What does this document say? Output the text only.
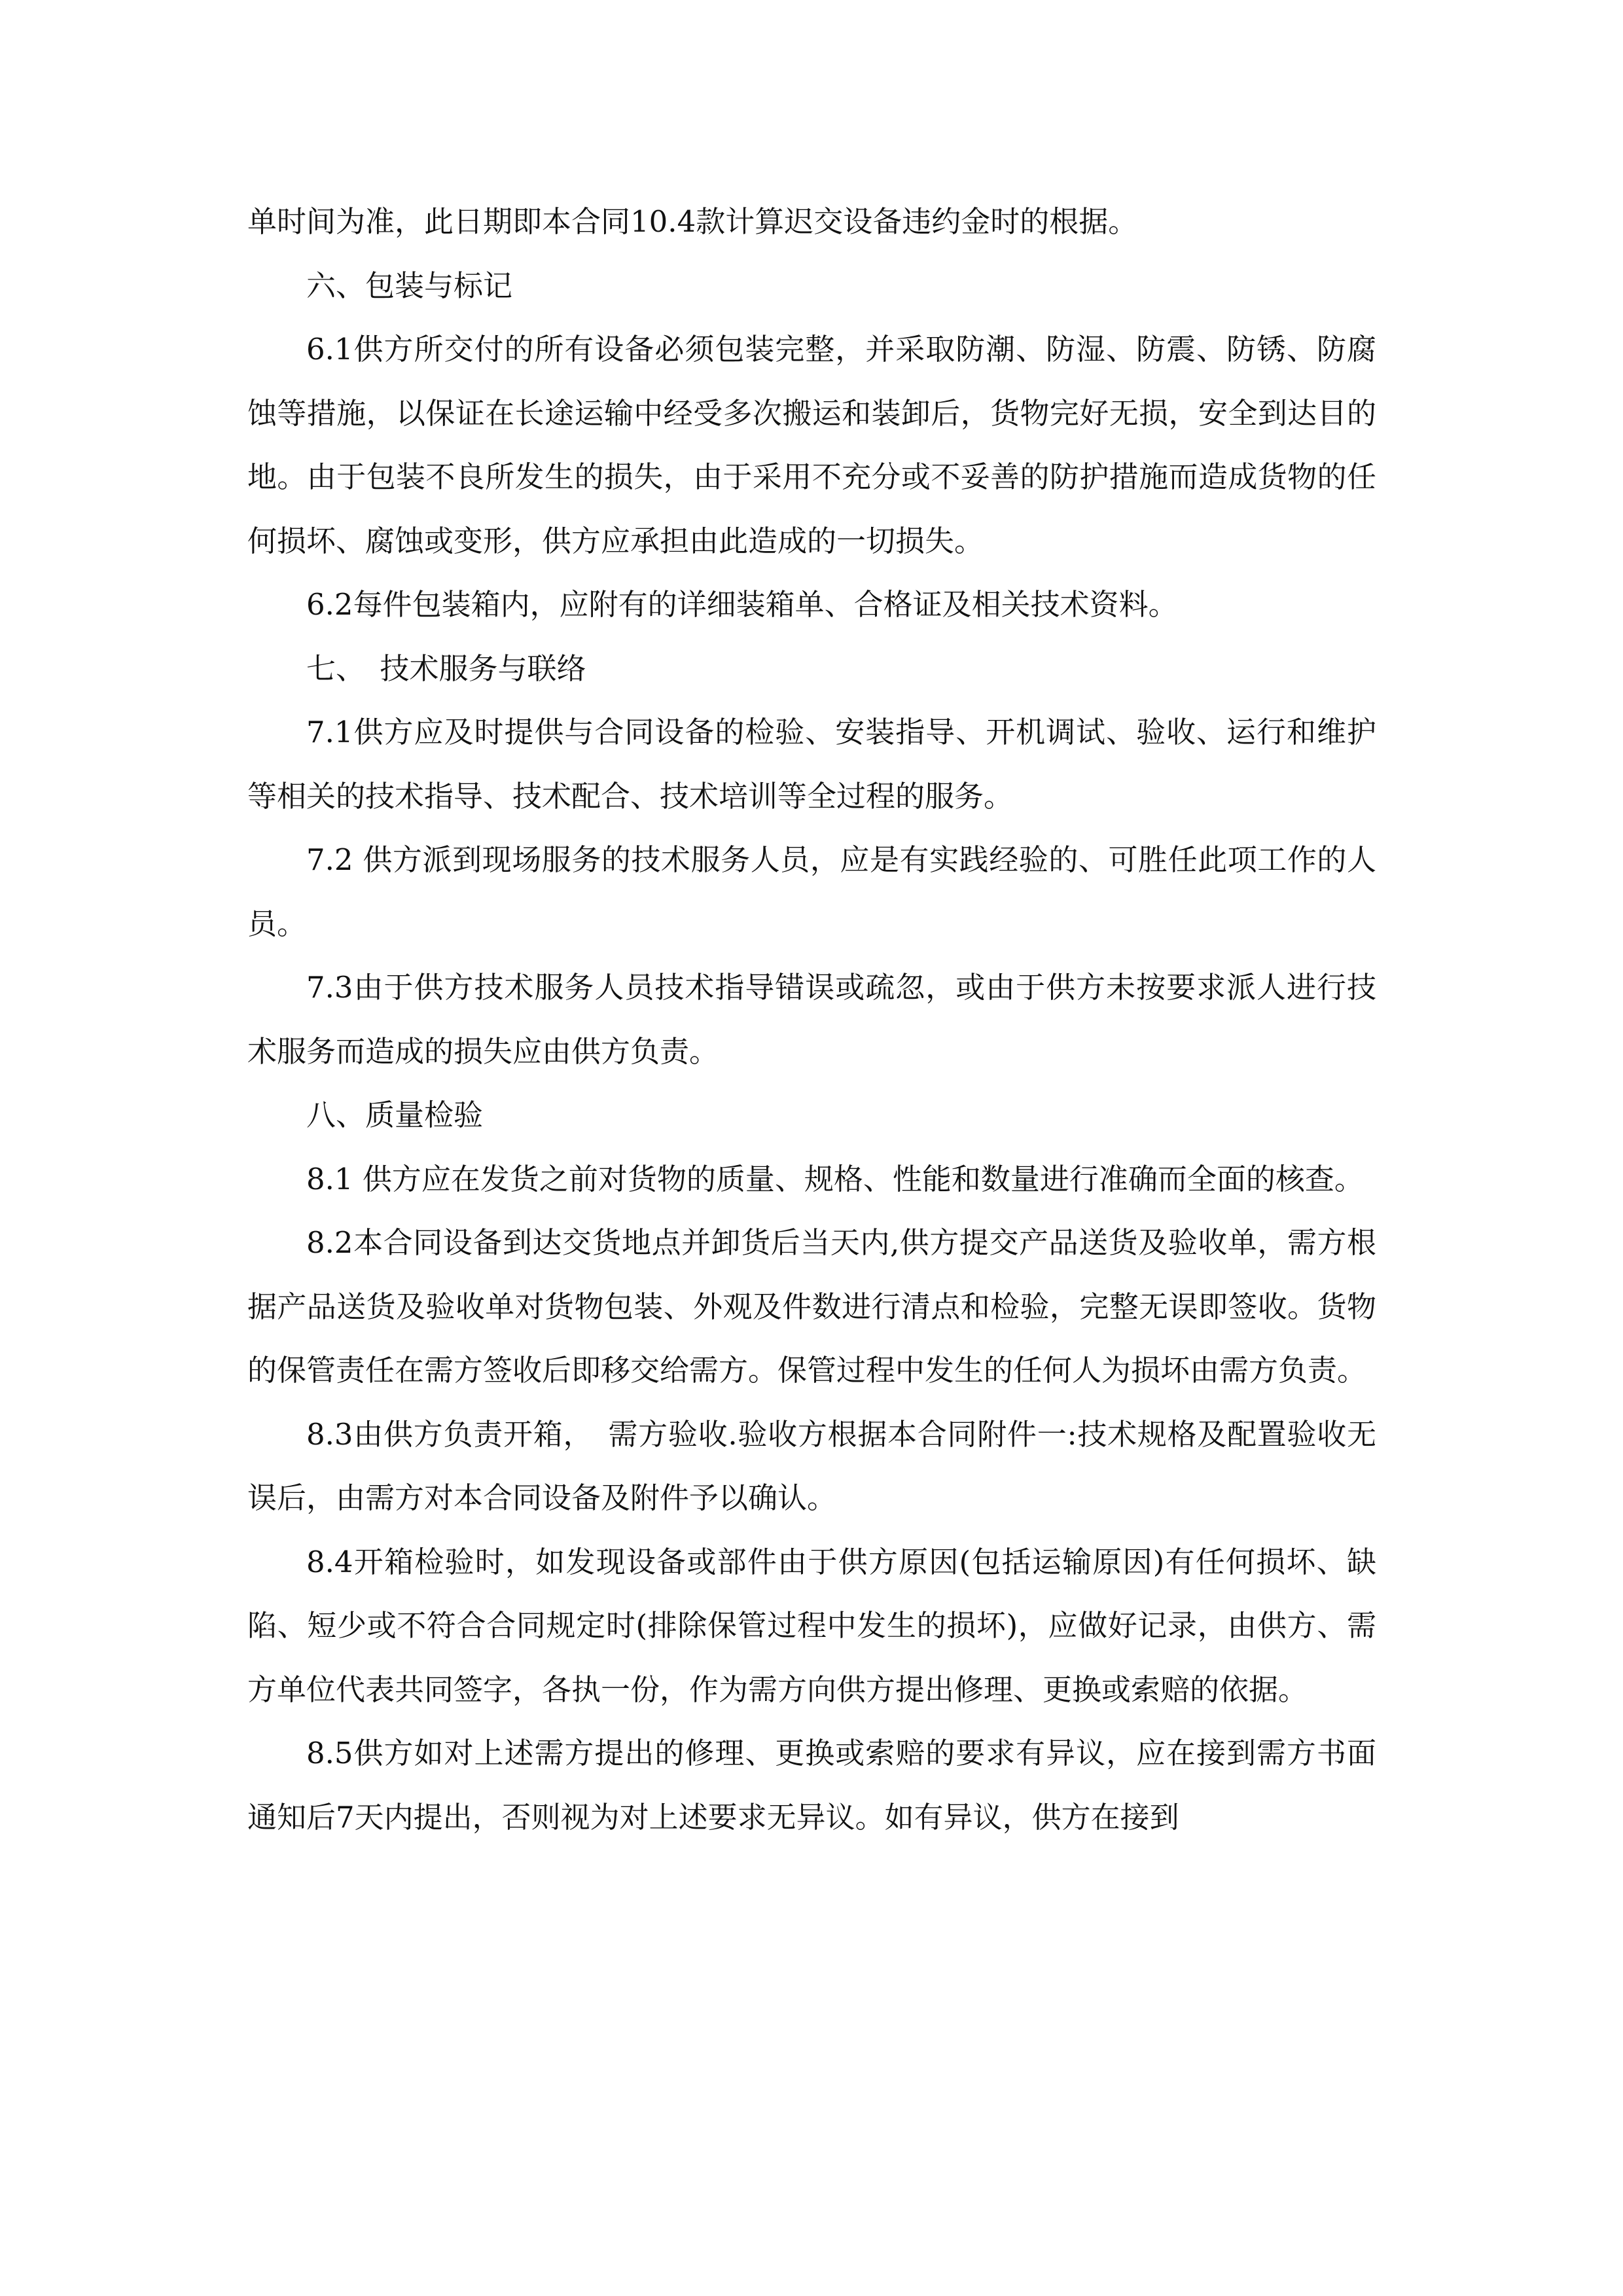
单时间为准，此日期即本合同10.4款计算迟交设备违约金时的根据。

六、包装与标记

6.1供方所交付的所有设备必须包装完整，并采取防潮、防湿、防震、防锈、防腐蚀等措施，以保证在长途运输中经受多次搬运和装卸后，货物完好无损，安全到达目的地。由于包装不良所发生的损失，由于采用不充分或不妥善的防护措施而造成货物的任何损坏、腐蚀或变形，供方应承担由此造成的一切损失。

6.2每件包装箱内，应附有的详细装箱单、合格证及相关技术资料。

七、　技术服务与联络

7.1供方应及时提供与合同设备的检验、安装指导、开机调试、验收、运行和维护等相关的技术指导、技术配合、技术培训等全过程的服务。

7.2 供方派到现场服务的技术服务人员，应是有实践经验的、可胜任此项工作的人员。

7.3由于供方技术服务人员技术指导错误或疏忽，或由于供方未按要求派人进行技术服务而造成的损失应由供方负责。

八、质量检验

8.1 供方应在发货之前对货物的质量、规格、性能和数量进行准确而全面的核查。

8.2本合同设备到达交货地点并卸货后当天内,供方提交产品送货及验收单，需方根据产品送货及验收单对货物包装、外观及件数进行清点和检验，完整无误即签收。货物的保管责任在需方签收后即移交给需方。保管过程中发生的任何人为损坏由需方负责。

8.3由供方负责开箱，　需方验收.验收方根据本合同附件一:技术规格及配置验收无误后，由需方对本合同设备及附件予以确认。

8.4开箱检验时，如发现设备或部件由于供方原因(包括运输原因)有任何损坏、缺陷、短少或不符合合同规定时(排除保管过程中发生的损坏)，应做好记录，由供方、需方单位代表共同签字，各执一份，作为需方向供方提出修理、更换或索赔的依据。

8.5供方如对上述需方提出的修理、更换或索赔的要求有异议，应在接到需方书面通知后7天内提出，否则视为对上述要求无异议。如有异议，供方在接到
